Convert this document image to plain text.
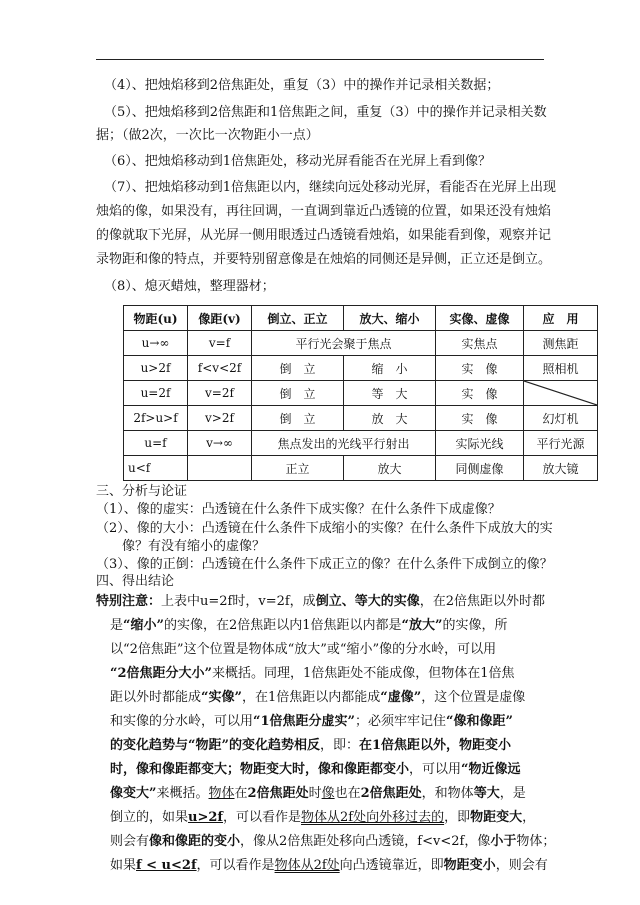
（4）、把烛焰移到2倍焦距处，重复（3）中的操作并记录相关数据；
（5）、把烛焰移到2倍焦距和1倍焦距之间，重复（3）中的操作并记录相关数
据；（做2次，一次比一次物距小一点）
（6）、把烛焰移动到1倍焦距处，移动光屏看能否在光屏上看到像？
（7）、把烛焰移动到1倍焦距以内，继续向远处移动光屏，看能否在光屏上出现
烛焰的像，如果没有，再往回调，一直调到靠近凸透镜的位置，如果还没有烛焰
的像就取下光屏，从光屏一侧用眼透过凸透镜看烛焰，如果能看到像，观察并记
录物距和像的特点，并要特别留意像是在烛焰的同侧还是异侧，正立还是倒立。
（8）、熄灭蜡烛，整理器材；
物距(u)	像距(v)	倒立、正立	放大、缩小	实像、虚像	应　用
u→∞	v=f	平行光会聚于焦点		实焦点	测焦距
u>2f	f<v<2f	倒　立	缩　小	实　像	照相机
u=2f	v=2f	倒　立	等　大	实　像	

2f>u>f	v>2f	倒　立	放　大	实　像	幻灯机
u=f	v→∞	焦点发出的光线平行射出		实际光线	平行光源
u<f		正立	放大	同侧虚像	放大镜
三、分析与论证
（1）、像的虚实：凸透镜在什么条件下成实像？在什么条件下成虚像？
（2）、像的大小：凸透镜在什么条件下成缩小的实像？在什么条件下成放大的实
像？有没有缩小的虚像？
（3）、像的正倒：凸透镜在什么条件下成正立的像？在什么条件下成倒立的像？
四、得出结论
特别注意：上表中u=2f时，v=2f，成倒立、等大的实像，在2倍焦距以外时都
是“缩小”的实像，在2倍焦距以内1倍焦距以内都是“放大”的实像，所
以“2倍焦距”这个位置是物体成“放大”或“缩小”像的分水岭，可以用
“2倍焦距分大小”来概括。同理，1倍焦距处不能成像，但物体在1倍焦
距以外时都能成“实像”，在1倍焦距以内都能成“虚像”，这个位置是虚像
和实像的分水岭，可以用“1倍焦距分虚实”；必须牢牢记住“像和像距”
的变化趋势与“物距”的变化趋势相反，即：在1倍焦距以外，物距变小
时，像和像距都变大；物距变大时，像和像距都变小，可以用“物近像远
像变大”来概括。物体在2倍焦距处时像也在2倍焦距处，和物体等大，是
倒立的，如果u>2f，可以看作是物体从2f处向外移过去的，即物距变大，
则会有像和像距的变小，像从2倍焦距处移向凸透镜，f<v<2f，像小于物体；
如果f < u<2f，可以看作是物体从2f处向凸透镜靠近，即物距变小，则会有
